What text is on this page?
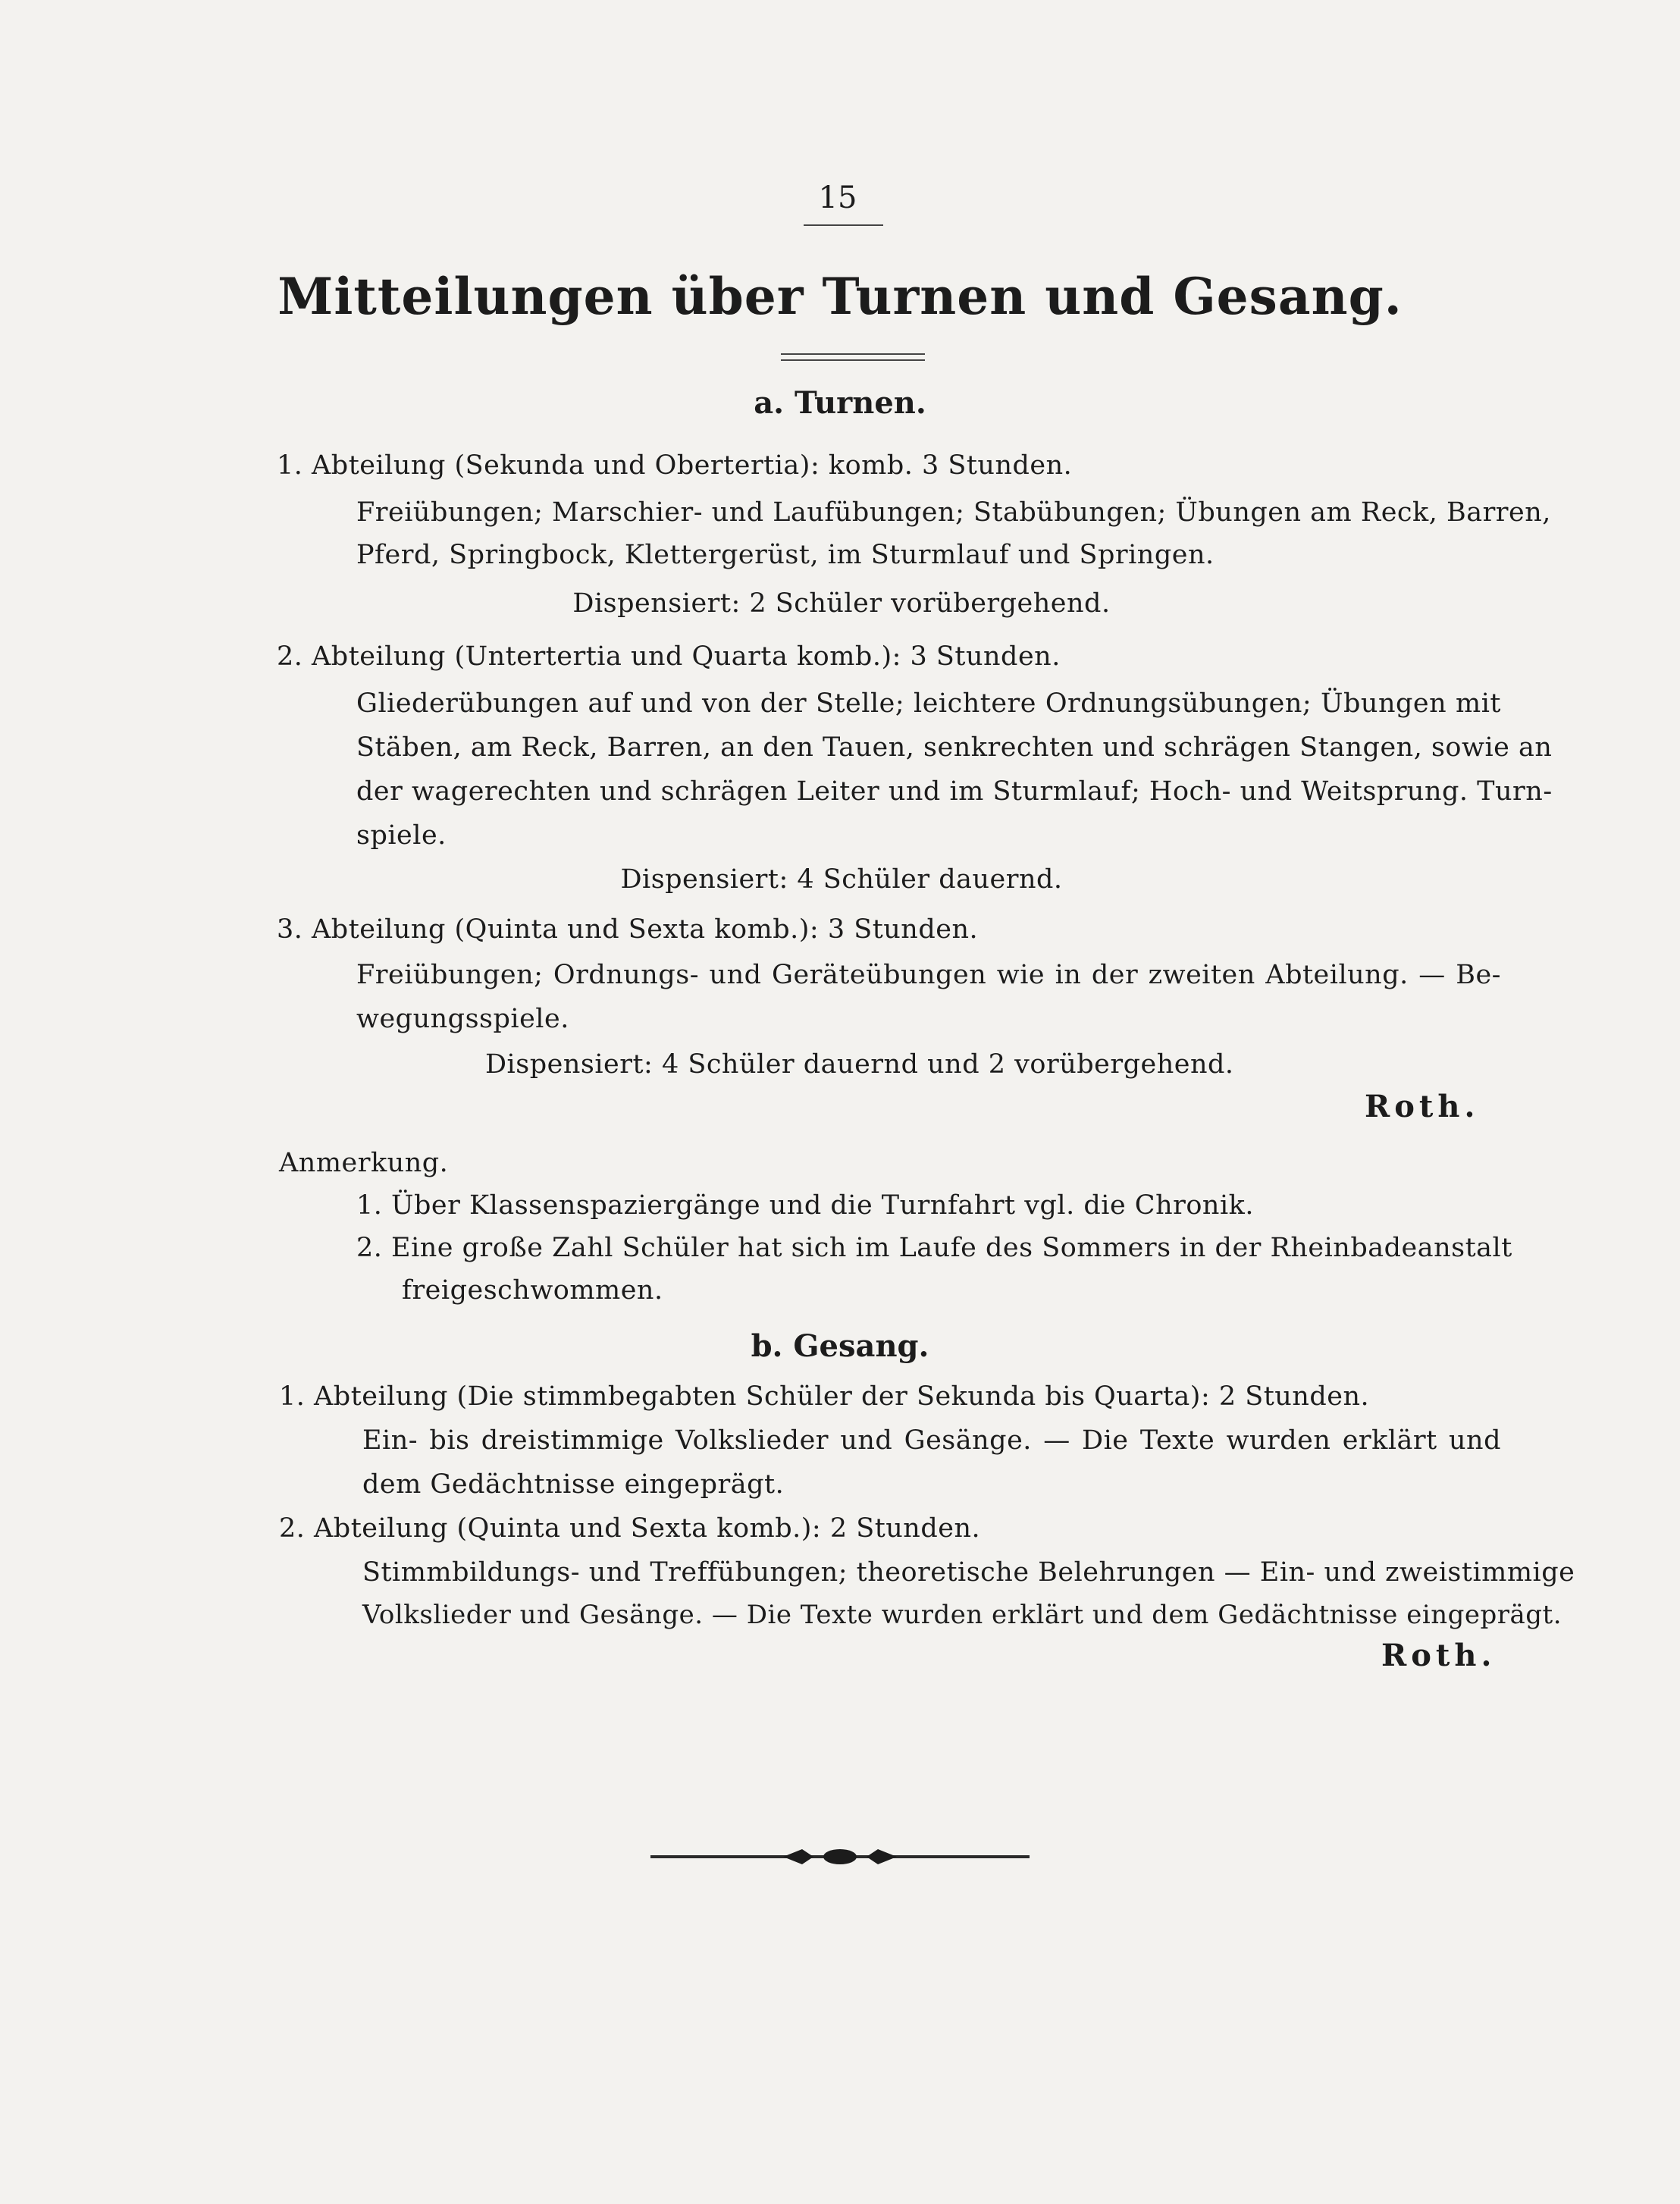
15
Mitteilungen über Turnen und Gesang.
a. Turnen.
1. Abteilung (Sekunda und Obertertia): komb. 3 Stunden.
Freiübungen; Marschier- und Laufübungen; Stabübungen; Übungen am Reck, Barren,
Pferd, Springbock, Klettergerüst, im Sturmlauf und Springen.
Dispensiert: 2 Schüler vorübergehend.
2. Abteilung (Untertertia und Quarta komb.): 3 Stunden.
Gliederübungen auf und von der Stelle; leichtere Ordnungsübungen; Übungen mit
Stäben, am Reck, Barren, an den Tauen, senkrechten und schrägen Stangen, sowie an
der wagerechten und schrägen Leiter und im Sturmlauf; Hoch- und Weitsprung. Turn-
spiele.
Dispensiert: 4 Schüler dauernd.
3. Abteilung (Quinta und Sexta komb.): 3 Stunden.
Freiübungen; Ordnungs- und Geräteübungen wie in der zweiten Abteilung. — Be-
wegungsspiele.
Dispensiert: 4 Schüler dauernd und 2 vorübergehend.
Roth.
Anmerkung.
1. Über Klassenspaziergänge und die Turnfahrt vgl. die Chronik.
2. Eine große Zahl Schüler hat sich im Laufe des Sommers in der Rheinbadeanstalt
freigeschwommen.
b. Gesang.
1. Abteilung (Die stimmbegabten Schüler der Sekunda bis Quarta): 2 Stunden.
Ein- bis dreistimmige Volkslieder und Gesänge. — Die Texte wurden erklärt und
dem Gedächtnisse eingeprägt.
2. Abteilung (Quinta und Sexta komb.): 2 Stunden.
Stimmbildungs- und Treffübungen; theoretische Belehrungen — Ein- und zweistimmige
Volkslieder und Gesänge. — Die Texte wurden erklärt und dem Gedächtnisse eingeprägt.
Roth.
